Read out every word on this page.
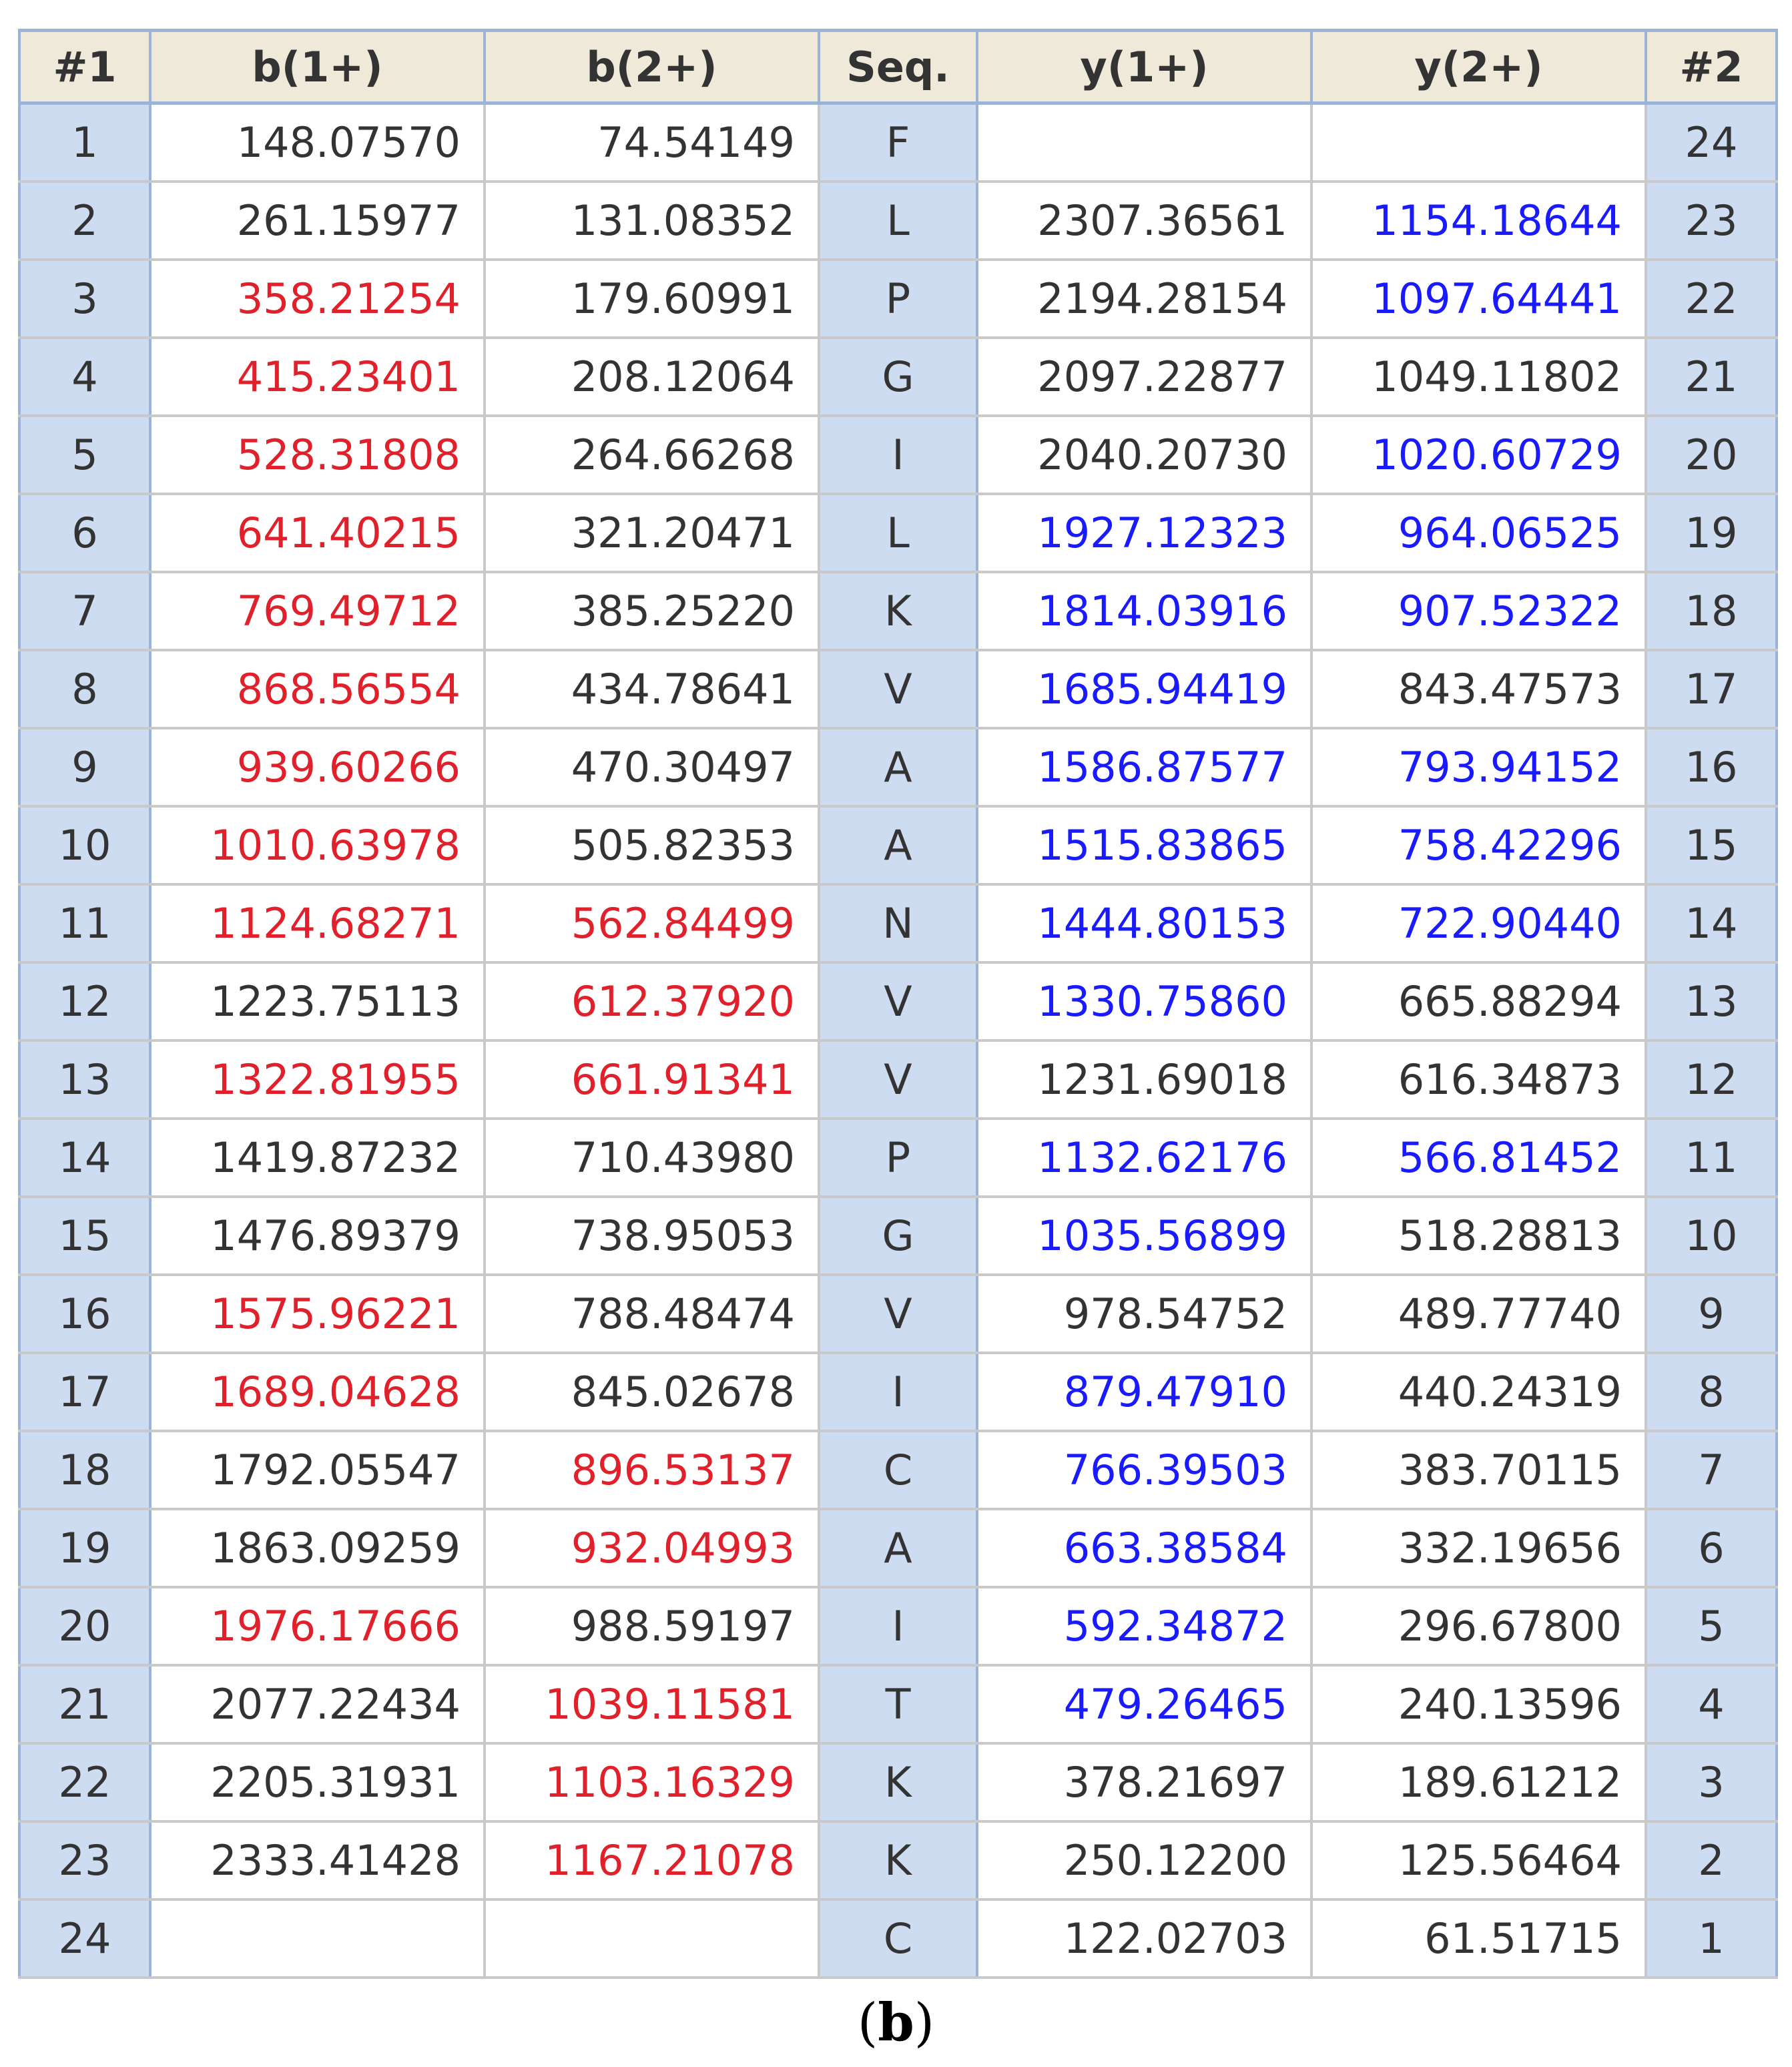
#1	b(1+)	b(2+)	Seq.	y(1+)	y(2+)	#2
1	148.07570	74.54149	F			24
2	261.15977	131.08352	L	2307.36561	1154.18644	23
3	358.21254	179.60991	P	2194.28154	1097.64441	22
4	415.23401	208.12064	G	2097.22877	1049.11802	21
5	528.31808	264.66268	I	2040.20730	1020.60729	20
6	641.40215	321.20471	L	1927.12323	964.06525	19
7	769.49712	385.25220	K	1814.03916	907.52322	18
8	868.56554	434.78641	V	1685.94419	843.47573	17
9	939.60266	470.30497	A	1586.87577	793.94152	16
10	1010.63978	505.82353	A	1515.83865	758.42296	15
11	1124.68271	562.84499	N	1444.80153	722.90440	14
12	1223.75113	612.37920	V	1330.75860	665.88294	13
13	1322.81955	661.91341	V	1231.69018	616.34873	12
14	1419.87232	710.43980	P	1132.62176	566.81452	11
15	1476.89379	738.95053	G	1035.56899	518.28813	10
16	1575.96221	788.48474	V	978.54752	489.77740	9
17	1689.04628	845.02678	I	879.47910	440.24319	8
18	1792.05547	896.53137	C	766.39503	383.70115	7
19	1863.09259	932.04993	A	663.38584	332.19656	6
20	1976.17666	988.59197	I	592.34872	296.67800	5
21	2077.22434	1039.11581	T	479.26465	240.13596	4
22	2205.31931	1103.16329	K	378.21697	189.61212	3
23	2333.41428	1167.21078	K	250.12200	125.56464	2
24			C	122.02703	61.51715	1
(b)
